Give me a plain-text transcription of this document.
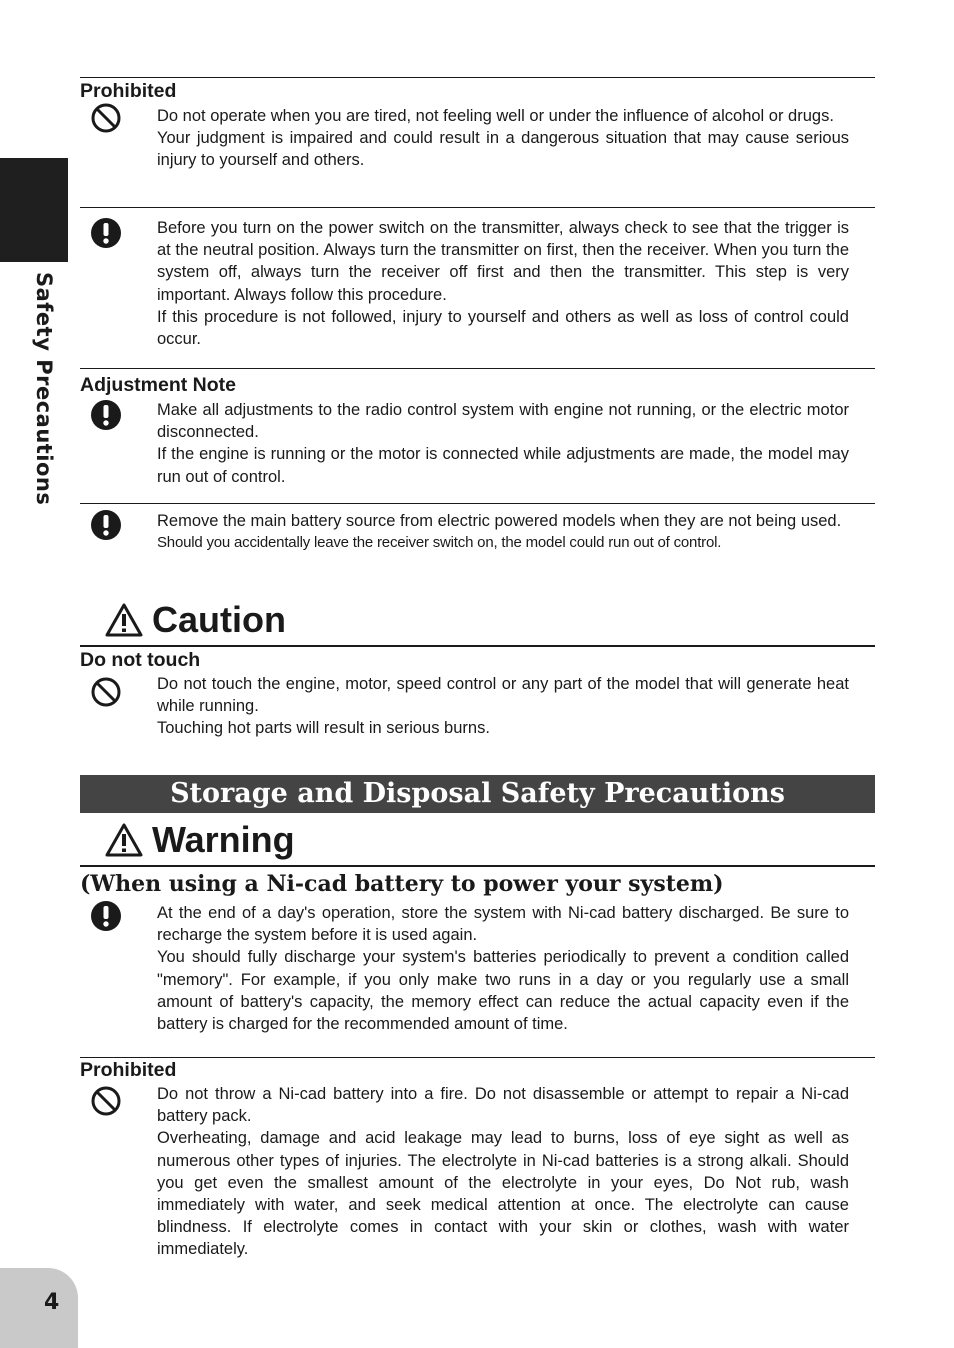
Safety Precautions
Prohibited

Do not operate when you are tired, not feeling well or under the influence of alcohol or drugs.

Your judgment is impaired and could result in a dangerous situation that may cause serious injury to yourself and others.

Before you turn on the power switch on the transmitter, always check to see that the trigger is at the neutral position. Always turn the transmitter on first, then the receiver. When you turn the system off, always turn the receiver off first and then the transmitter. This step is very important. Always follow this procedure.

If this procedure is not followed, injury to yourself and others as well as loss of control could occur.

Adjustment Note

Make all adjustments to the radio control system with engine not running, or the electric motor disconnected.

If the engine is running or the motor is connected while adjustments are made, the model may run out of control.

Remove the main battery source from electric powered models when they are not being used.

Should you accidentally leave the receiver switch on, the model could run out of control.

Caution
Do not touch

Do not touch the engine, motor, speed control or any part of the model that will generate heat while running.

Touching hot parts will result in serious burns.

Storage and Disposal Safety Precautions
Warning
(When using a Ni-cad battery to power your system)

At the end of a day's operation, store the system with Ni-cad battery discharged. Be sure to recharge the system before it is used again.

You should fully discharge your system's batteries periodically to prevent a condition called "memory". For example, if you only make two runs in a day or you regularly use a small amount of battery's capacity, the memory effect can reduce the actual capacity even if the battery is charged for the recommended amount of time.

Prohibited

Do not throw a Ni-cad battery into a fire. Do not disassemble or attempt to repair a Ni-cad battery pack.

Overheating, damage and acid leakage may lead to burns, loss of eye sight as well as numerous other types of injuries. The electrolyte in Ni-cad batteries is a strong alkali. Should you get even the smallest amount of the electrolyte in your eyes, Do Not rub, wash immediately with water, and seek medical attention at once. The electrolyte can cause blindness. If electrolyte comes in contact with your skin or clothes, wash with water immediately.

4
